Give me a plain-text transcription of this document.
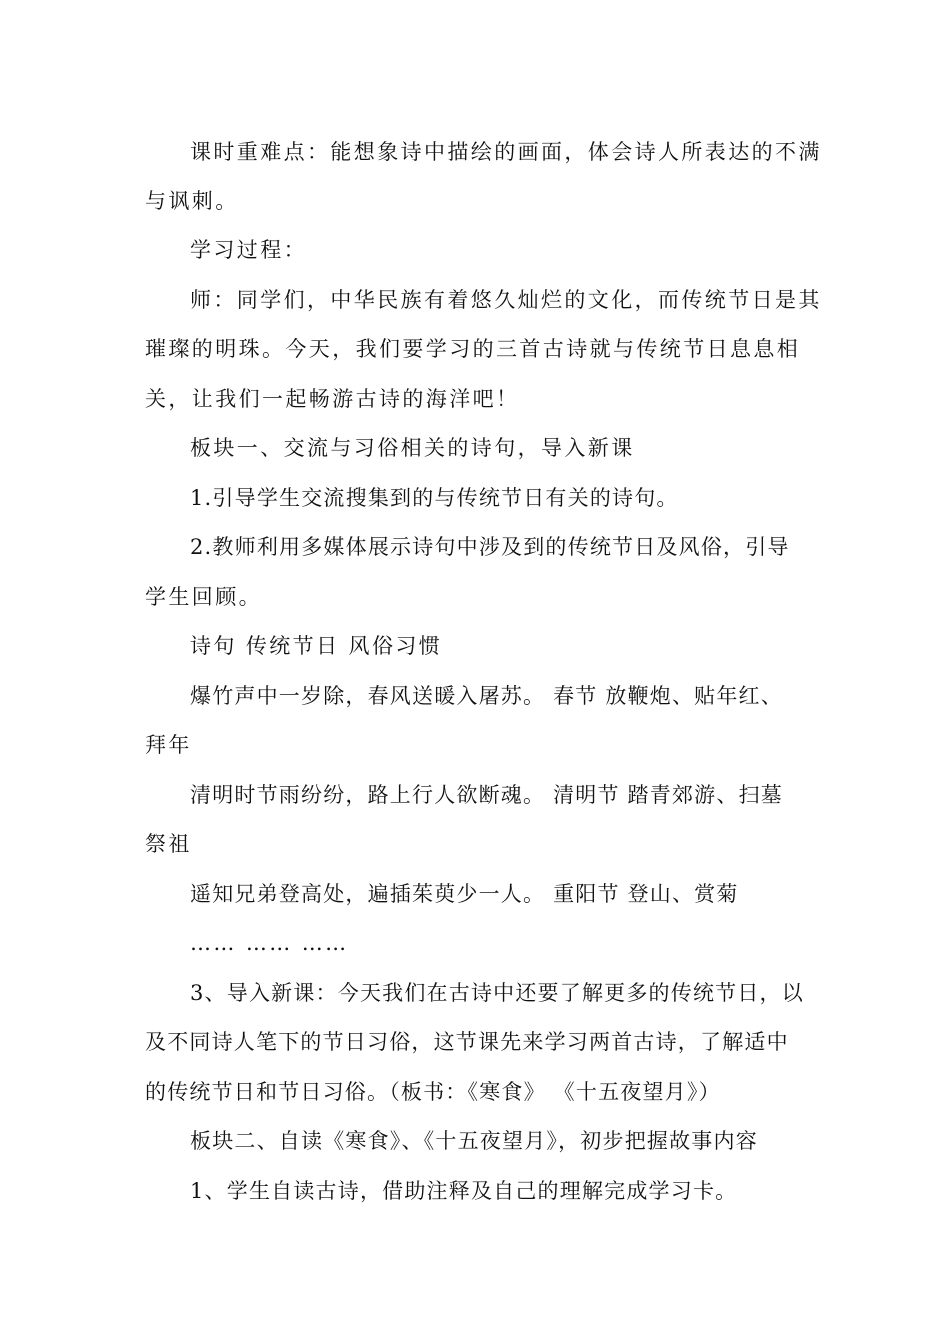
课时重难点：能想象诗中描绘的画面，体会诗人所表达的不满
与讽刺。
学习过程：
师：同学们，中华民族有着悠久灿烂的文化，而传统节日是其
璀璨的明珠。今天，我们要学习的三首古诗就与传统节日息息相
关，让我们一起畅游古诗的海洋吧！
板块一、交流与习俗相关的诗句，导入新课
1.引导学生交流搜集到的与传统节日有关的诗句。
2.教师利用多媒体展示诗句中涉及到的传统节日及风俗，引导
学生回顾。
诗句 传统节日 风俗习惯
爆竹声中一岁除，春风送暖入屠苏。 春节 放鞭炮、贴年红、
拜年
清明时节雨纷纷，路上行人欲断魂。 清明节 踏青郊游、扫墓
祭祖
遥知兄弟登高处，遍插茱萸少一人。 重阳节 登山、赏菊
…… …… ……
3、导入新课：今天我们在古诗中还要了解更多的传统节日，以
及不同诗人笔下的节日习俗，这节课先来学习两首古诗，了解适中
的传统节日和节日习俗。（板书：《寒食》 《十五夜望月》）
板块二、自读《寒食》、《十五夜望月》，初步把握故事内容
1、学生自读古诗，借助注释及自己的理解完成学习卡。
